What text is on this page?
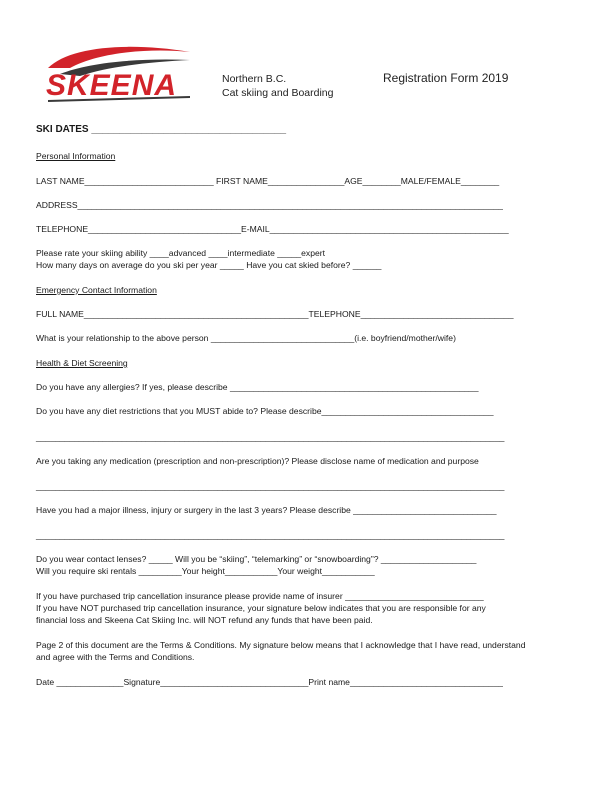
SKEENA	Northern B.C.
Cat skiing and Boarding
Registration Form 2019
SKI DATES ___________________________________
Personal Information
LAST NAME___________________________ FIRST NAME________________AGE________MALE/FEMALE________
ADDRESS_________________________________________________________________________________________
TELEPHONE________________________________E-MAIL__________________________________________________
Please rate your skiing ability ____advanced ____intermediate _____expert
How many days on average do you ski per year _____ Have you cat skied before? ______
Emergency Contact Information
FULL NAME_______________________________________________TELEPHONE________________________________
What is your relationship to the above person ______________________________(i.e. boyfriend/mother/wife)
Health & Diet Screening
Do you have any allergies? If yes, please describe ____________________________________________________
Do you have any diet restrictions that you MUST abide to? Please describe____________________________________
__________________________________________________________________________________________________
Are you taking any medication (prescription and non-prescription)? Please disclose name of medication and purpose
__________________________________________________________________________________________________
Have you had a major illness, injury or surgery in the last 3 years? Please describe ______________________________
__________________________________________________________________________________________________
Do you wear contact lenses? _____ Will you be “skiing”, “telemarking” or “snowboarding”? ____________________
Will you require ski rentals _________Your height___________Your weight___________
If you have purchased trip cancellation insurance please provide name of insurer _____________________________
If you have NOT purchased trip cancellation insurance, your signature below indicates that you are responsible for any
financial loss and Skeena Cat Skiing Inc. will NOT refund any funds that have been paid.
Page 2 of this document are the Terms & Conditions. My signature below means that I acknowledge that I have read, understand
and agree with the Terms and Conditions.
Date ______________Signature_______________________________Print name________________________________
